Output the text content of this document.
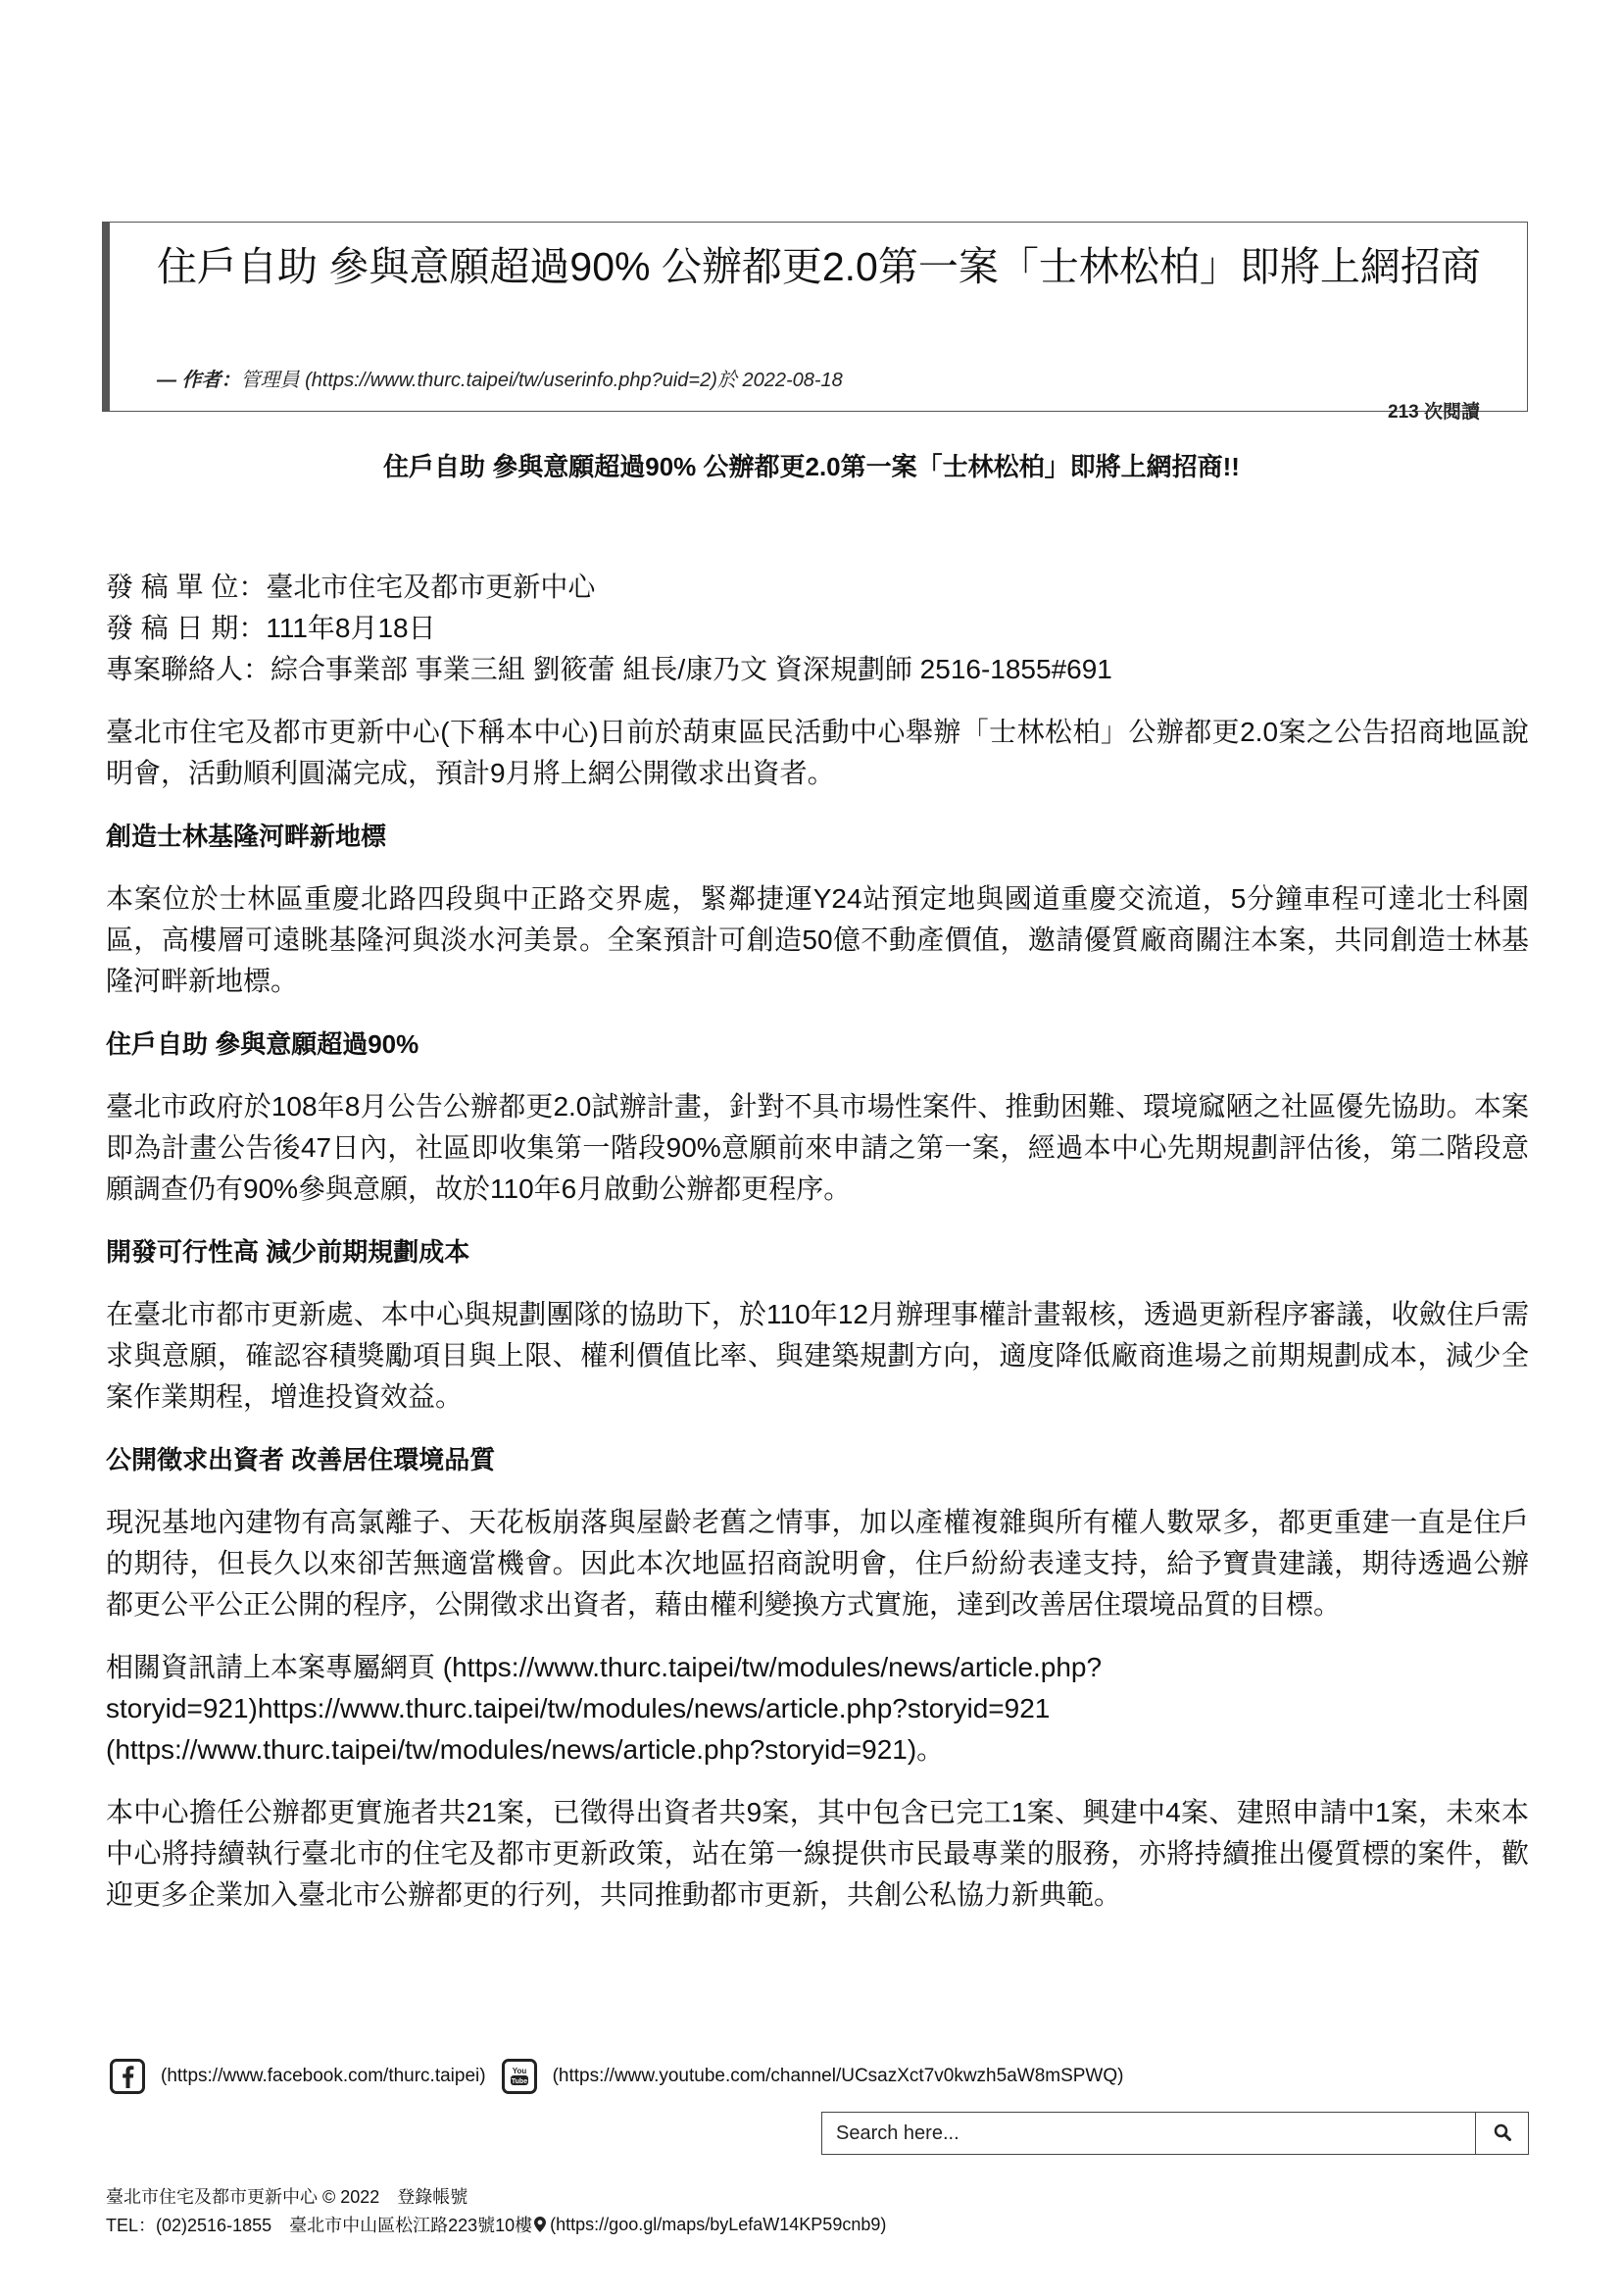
住戶自助 參與意願超過90% 公辦都更2.0第一案「士林松柏」即將上網招商
— 作者：管理員 (https://www.thurc.taipei/tw/userinfo.php?uid=2)於 2022-08-18
213 次閱讀
住戶自助 參與意願超過90% 公辦都更2.0第一案「士林松柏」即將上網招商!!

發 稿 單 位：臺北市住宅及都市更新中心

發 稿 日 期：111年8月18日

專案聯絡人：綜合事業部 事業三組 劉筱蕾 組長/康乃文 資深規劃師 2516-1855#691

臺北市住宅及都市更新中心(下稱本中心)日前於葫東區民活動中心舉辦「士林松柏」公辦都更2.0案之公告招商地區說明會，活動順利圓滿完成，預計9月將上網公開徵求出資者。

創造士林基隆河畔新地標

本案位於士林區重慶北路四段與中正路交界處，緊鄰捷運Y24站預定地與國道重慶交流道，5分鐘車程可達北士科園區，高樓層可遠眺基隆河與淡水河美景。全案預計可創造50億不動產價值，邀請優質廠商關注本案，共同創造士林基隆河畔新地標。

住戶自助 參與意願超過90%

臺北市政府於108年8月公告公辦都更2.0試辦計畫，針對不具市場性案件、推動困難、環境窳陋之社區優先協助。本案即為計畫公告後47日內，社區即收集第一階段90%意願前來申請之第一案，經過本中心先期規劃評估後，第二階段意願調查仍有90%參與意願，故於110年6月啟動公辦都更程序。

開發可行性高 減少前期規劃成本

在臺北市都市更新處、本中心與規劃團隊的協助下，於110年12月辦理事權計畫報核，透過更新程序審議，收斂住戶需求與意願，確認容積獎勵項目與上限、權利價值比率、與建築規劃方向，適度降低廠商進場之前期規劃成本，減少全案作業期程，增進投資效益。

公開徵求出資者 改善居住環境品質

現況基地內建物有高氯離子、天花板崩落與屋齡老舊之情事，加以產權複雜與所有權人數眾多，都更重建一直是住戶的期待，但長久以來卻苦無適當機會。因此本次地區招商說明會，住戶紛紛表達支持，給予寶貴建議，期待透過公辦都更公平公正公開的程序，公開徵求出資者，藉由權利變換方式實施，達到改善居住環境品質的目標。

相關資訊請上本案專屬網頁 (https://www.thurc.taipei/tw/modules/news/article.php?

storyid=921)https://www.thurc.taipei/tw/modules/news/article.php?storyid=921

(https://www.thurc.taipei/tw/modules/news/article.php?storyid=921)。

本中心擔任公辦都更實施者共21案，已徵得出資者共9案，其中包含已完工1案、興建中4案、建照申請中1案，未來本中心將持續執行臺北市的住宅及都市更新政策，站在第一線提供市民最專業的服務，亦將持續推出優質標的案件，歡迎更多企業加入臺北市公辦都更的行列，共同推動都市更新，共創公私協力新典範。

(https://www.facebook.com/thurc.taipei)	You
Tube (https://www.youtube.com/channel/UCsazXct7v0kwzh5aW8mSPWQ)
Search here...
臺北市住宅及都市更新中心 © 2022　登錄帳號
TEL：(02)2516-1855　臺北市中山區松江路223號10樓 (https://goo.gl/maps/byLefaW14KP59cnb9)
